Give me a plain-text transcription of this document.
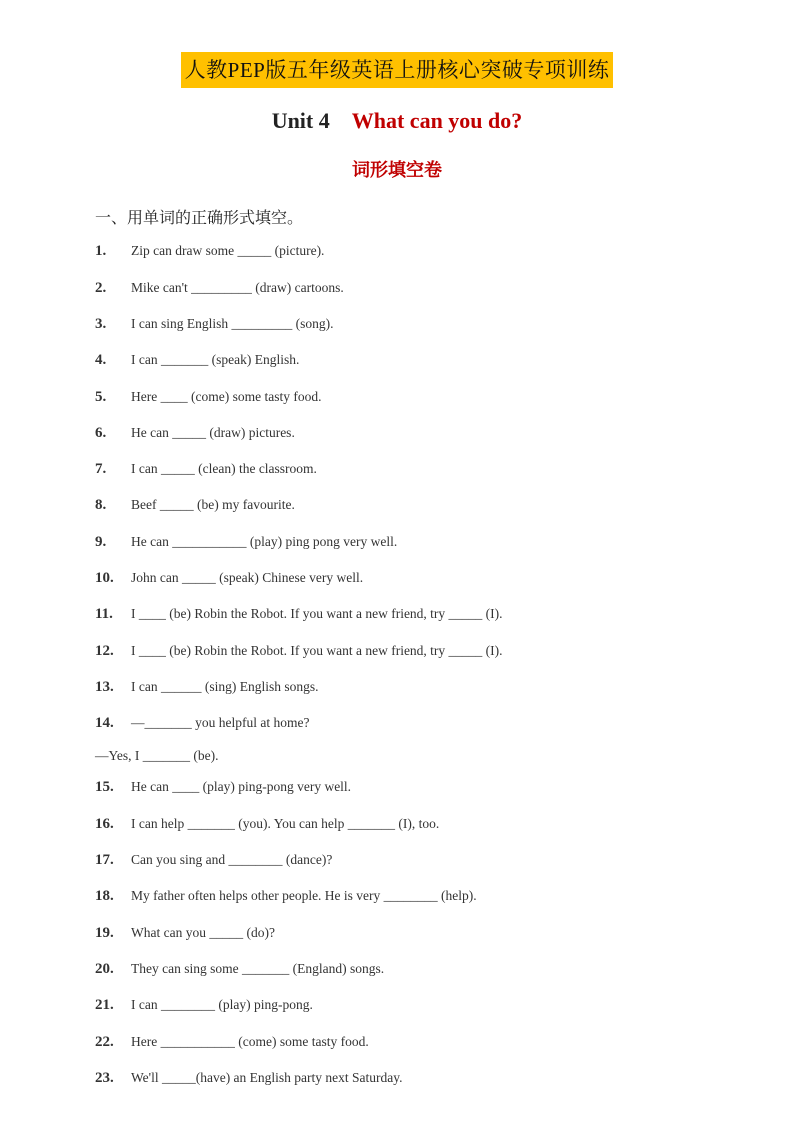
人教PEP版五年级英语上册核心突破专项训练
Unit 4 What can you do?
词形填空卷
一、用单词的正确形式填空。
1. Zip can draw some _____ (picture).
2. Mike can't _________ (draw) cartoons.
3. I can sing English _________ (song).
4. I can _______ (speak) English.
5. Here ____ (come) some tasty food.
6. He can _____ (draw) pictures.
7. I can _____ (clean) the classroom.
8. Beef _____ (be) my favourite.
9. He can ___________ (play) ping pong very well.
10. John can _____ (speak) Chinese very well.
11. I ____ (be) Robin the Robot. If you want a new friend, try _____ (I).
12. I ____ (be) Robin the Robot. If you want a new friend, try _____ (I).
13. I can ______ (sing) English songs.
14. —_______ you helpful at home?
—Yes, I _______ (be).
15. He can ____ (play) ping-pong very well.
16. I can help _______ (you). You can help _______ (I), too.
17. Can you sing and ________ (dance)?
18. My father often helps other people. He is very ________ (help).
19. What can you _____ (do)?
20. They can sing some _______ (England) songs.
21. I can ________ (play) ping-pong.
22. Here ___________ (come) some tasty food.
23. We'll _____(have) an English party next Saturday.
